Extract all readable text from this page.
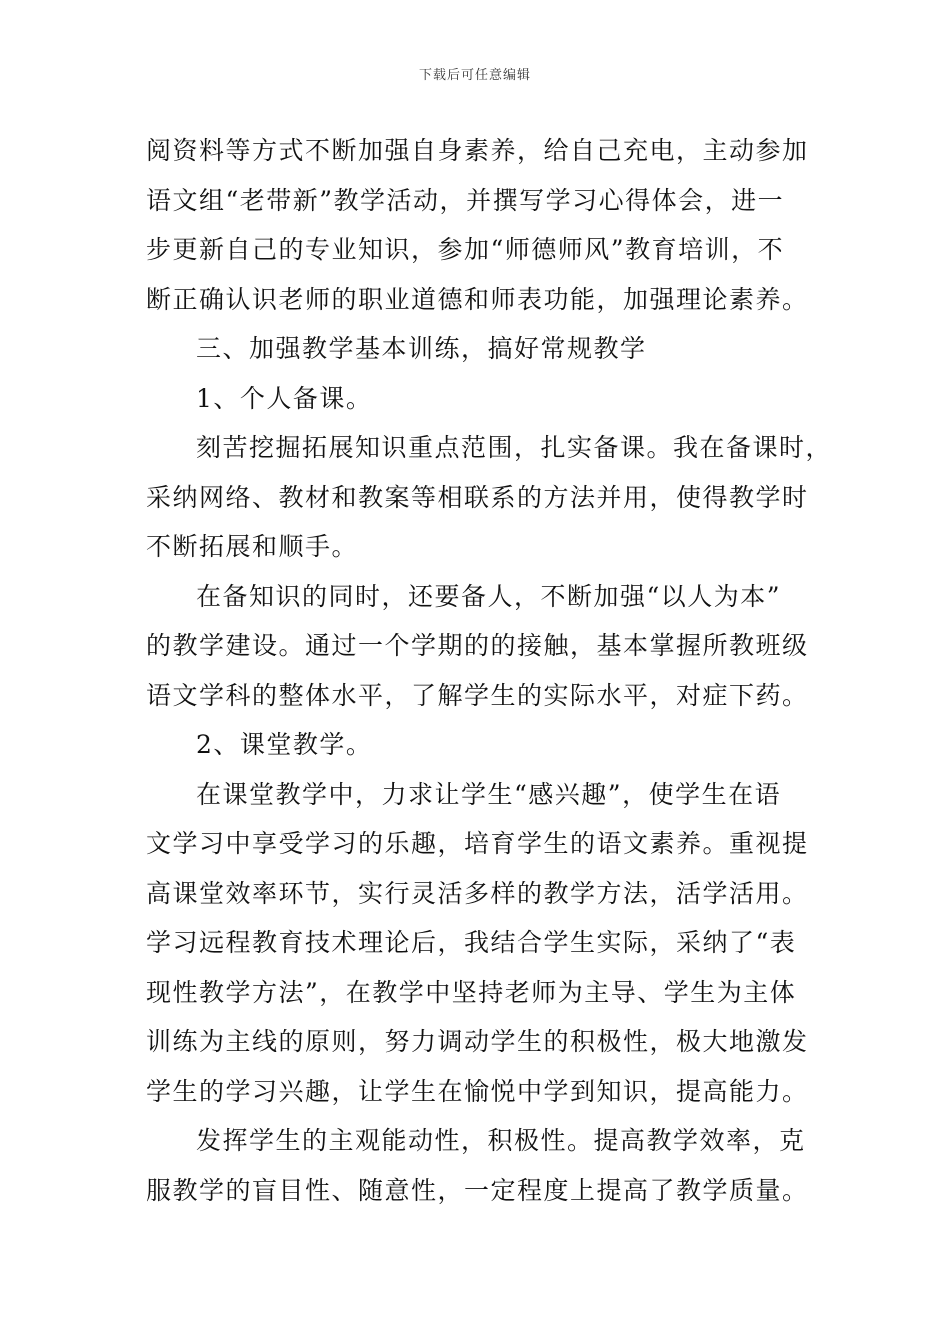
下载后可任意编辑
阅资料等方式不断加强自身素养，给自己充电，主动参加
语文组“老带新”教学活动，并撰写学习心得体会，进一
步更新自己的专业知识，参加“师德师风”教育培训，不
断正确认识老师的职业道德和师表功能，加强理论素养。
三、加强教学基本训练，搞好常规教学
1、个人备课。
刻苦挖掘拓展知识重点范围，扎实备课。我在备课时，
采纳网络、教材和教案等相联系的方法并用，使得教学时
不断拓展和顺手。
在备知识的同时，还要备人，不断加强“以人为本”
的教学建设。通过一个学期的的接触，基本掌握所教班级
语文学科的整体水平，了解学生的实际水平，对症下药。
2、课堂教学。
在课堂教学中，力求让学生“感兴趣”，使学生在语
文学习中享受学习的乐趣，培育学生的语文素养。重视提
高课堂效率环节，实行灵活多样的教学方法，活学活用。
学习远程教育技术理论后，我结合学生实际，采纳了“表
现性教学方法”，在教学中坚持老师为主导、学生为主体
训练为主线的原则，努力调动学生的积极性，极大地激发
学生的学习兴趣，让学生在愉悦中学到知识，提高能力。
发挥学生的主观能动性，积极性。提高教学效率，克
服教学的盲目性、随意性，一定程度上提高了教学质量。
